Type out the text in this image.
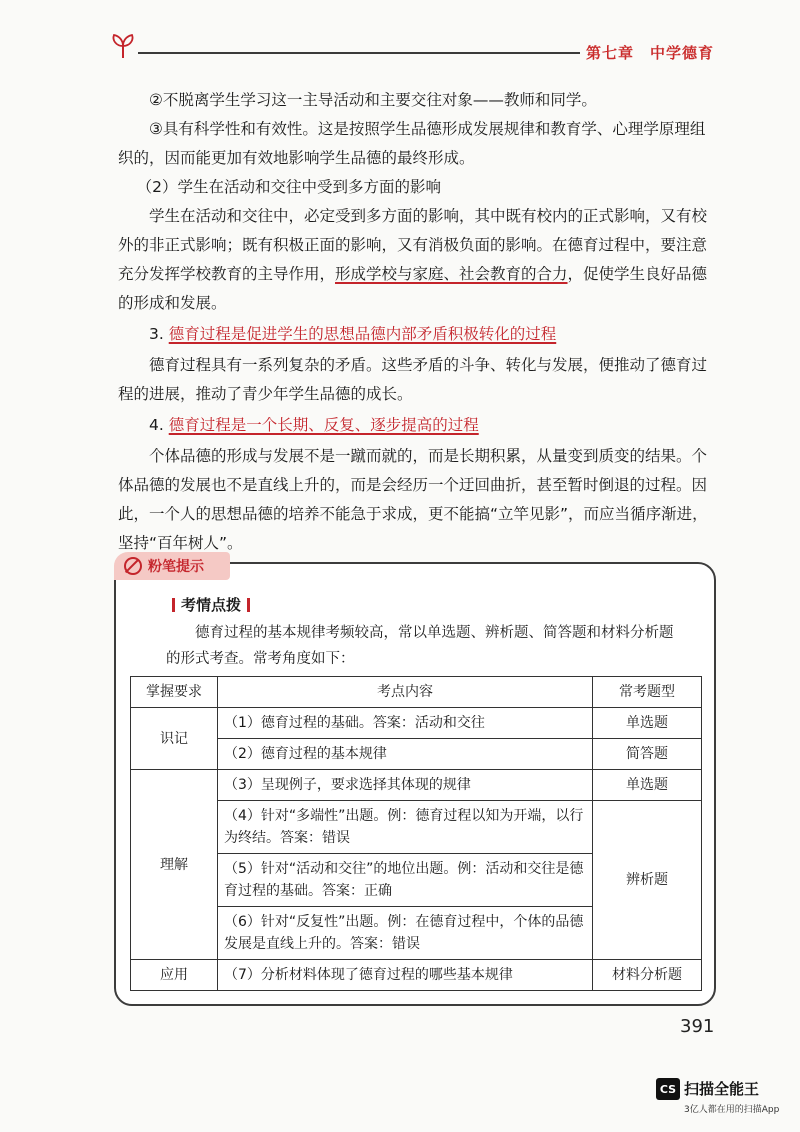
第七章　中学德育

②不脱离学生学习这一主导活动和主要交往对象——教师和同学。

③具有科学性和有效性。这是按照学生品德形成发展规律和教育学、心理学原理组织的，因而能更加有效地影响学生品德的最终形成。

（2）学生在活动和交往中受到多方面的影响

学生在活动和交往中，必定受到多方面的影响，其中既有校内的正式影响，又有校外的非正式影响；既有积极正面的影响，又有消极负面的影响。在德育过程中，要注意充分发挥学校教育的主导作用，形成学校与家庭、社会教育的合力，促使学生良好品德的形成和发展。

3. 德育过程是促进学生的思想品德内部矛盾积极转化的过程

德育过程具有一系列复杂的矛盾。这些矛盾的斗争、转化与发展，便推动了德育过程的进展，推动了青少年学生品德的成长。

4. 德育过程是一个长期、反复、逐步提高的过程

个体品德的形成与发展不是一蹴而就的，而是长期积累，从量变到质变的结果。个体品德的发展也不是直线上升的，而是会经历一个迂回曲折，甚至暂时倒退的过程。因此，一个人的思想品德的培养不能急于求成，更不能搞“立竿见影”，而应当循序渐进，坚持“百年树人”。

粉笔提示
考情点拨
德育过程的基本规律考频较高，常以单选题、辨析题、简答题和材料分析题的形式考查。常考角度如下：
掌握要求	考点内容	常考题型
识记	（1）德育过程的基础。答案：活动和交往	单选题
	（2）德育过程的基本规律	简答题
理解	（3）呈现例子，要求选择其体现的规律	单选题
	（4）针对“多端性”出题。例：德育过程以知为开端，以行为终结。答案：错误	辨析题
	（5）针对“活动和交往”的地位出题。例：活动和交往是德育过程的基础。答案：正确	
	（6）针对“反复性”出题。例：在德育过程中，个体的品德发展是直线上升的。答案：错误	
应用	（7）分析材料体现了德育过程的哪些基本规律	材料分析题
391
CS 扫描全能王
3亿人都在用的扫描App
